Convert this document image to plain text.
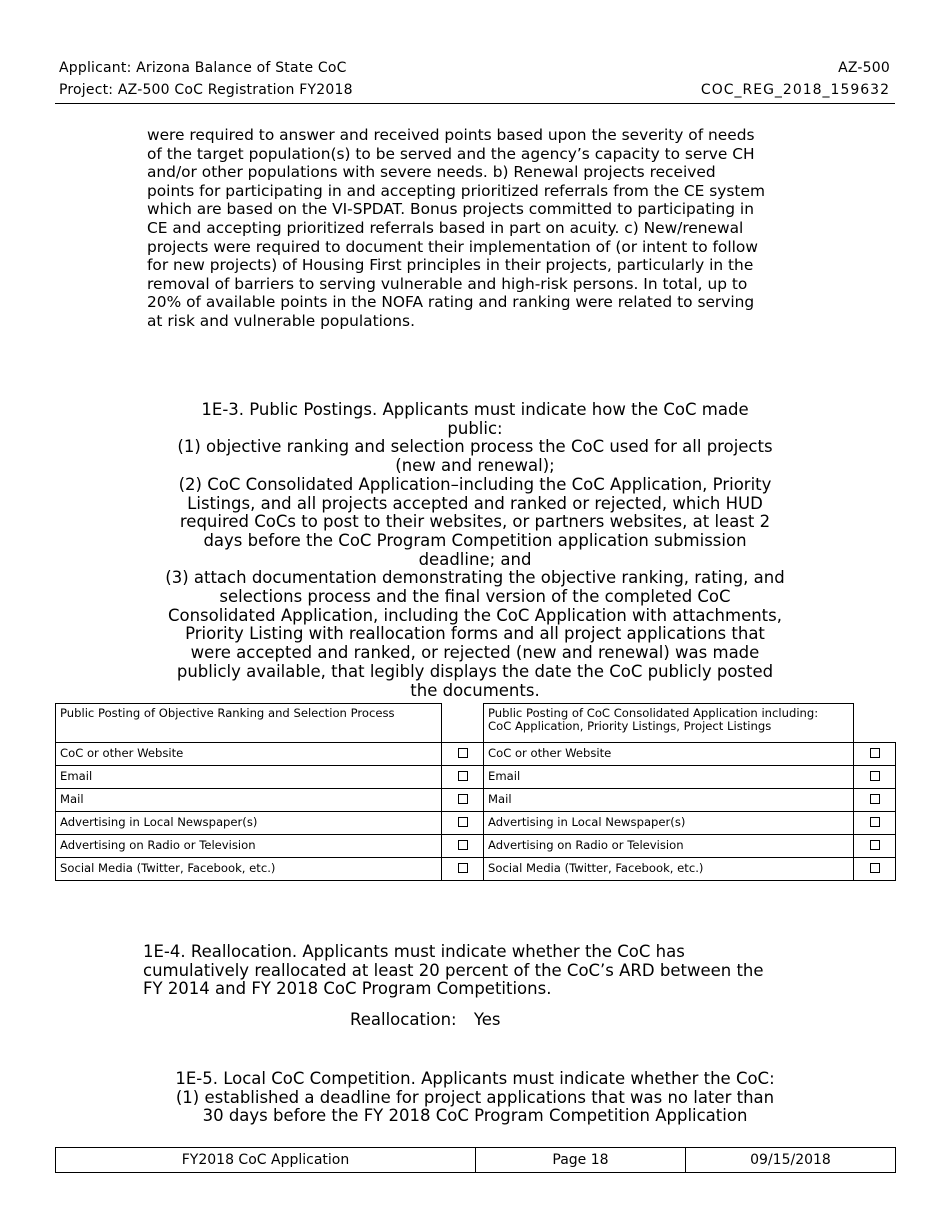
Applicant: Arizona Balance of State CoC
Project: AZ-500 CoC Registration FY2018
AZ-500
COC_REG_2018_159632
were required to answer and received points based upon the severity of needs
of the target population(s) to be served and the agency’s capacity to serve CH
and/or other populations with severe needs. b) Renewal projects received
points for participating in and accepting prioritized referrals from the CE system
which are based on the VI-SPDAT. Bonus projects committed to participating in
CE and accepting prioritized referrals based in part on acuity. c) New/renewal
projects were required to document their implementation of (or intent to follow
for new projects) of Housing First principles in their projects, particularly in the
removal of barriers to serving vulnerable and high-risk persons. In total, up to
20% of available points in the NOFA rating and ranking were related to serving
at risk and vulnerable populations.
1E-3. Public Postings. Applicants must indicate how the CoC made
public:
(1) objective ranking and selection process the CoC used for all projects
(new and renewal);
(2) CoC Consolidated Application–including the CoC Application, Priority
Listings, and all projects accepted and ranked or rejected, which HUD
required CoCs to post to their websites, or partners websites, at least 2
days before the CoC Program Competition application submission
deadline; and
(3) attach documentation demonstrating the objective ranking, rating, and
selections process and the final version of the completed CoC
Consolidated Application, including the CoC Application with attachments,
Priority Listing with reallocation forms and all project applications that
were accepted and ranked, or rejected (new and renewal) was made
publicly available, that legibly displays the date the CoC publicly posted
the documents.
Public Posting of Objective Ranking and Selection Process		Public Posting of CoC Consolidated Application including:
CoC Application, Priority Listings, Project Listings	

CoC or other Website		CoC or other Website	
Email		Email	
Mail		Mail	
Advertising in Local Newspaper(s)		Advertising in Local Newspaper(s)	
Advertising on Radio or Television		Advertising on Radio or Television	
Social Media (Twitter, Facebook, etc.)		Social Media (Twitter, Facebook, etc.)	
1E-4. Reallocation. Applicants must indicate whether the CoC has
cumulatively reallocated at least 20 percent of the CoC’s ARD between the
FY 2014 and FY 2018 CoC Program Competitions.
Reallocation: Yes
1E-5. Local CoC Competition. Applicants must indicate whether the CoC:
(1) established a deadline for project applications that was no later than
30 days before the FY 2018 CoC Program Competition Application
FY2018 CoC Application	Page 18	09/15/2018
